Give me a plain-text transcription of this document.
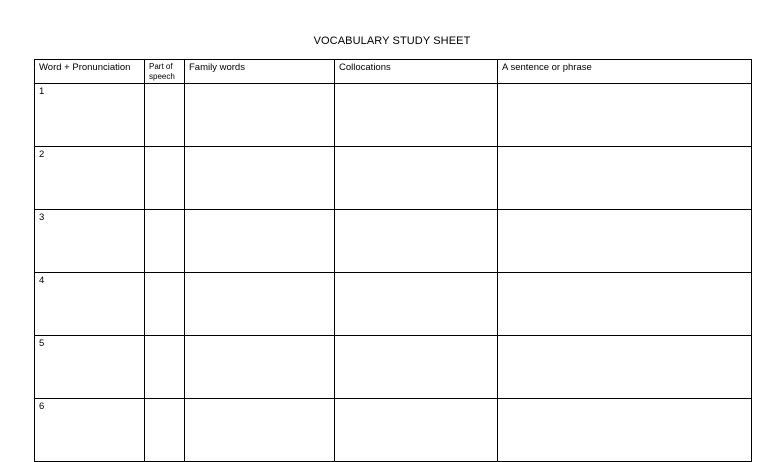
VOCABULARY STUDY SHEET
Word + Pronunciation	Part of speech	Family words	Collocations	A sentence or phrase

1				

2				

3				

4				

5				

6				
